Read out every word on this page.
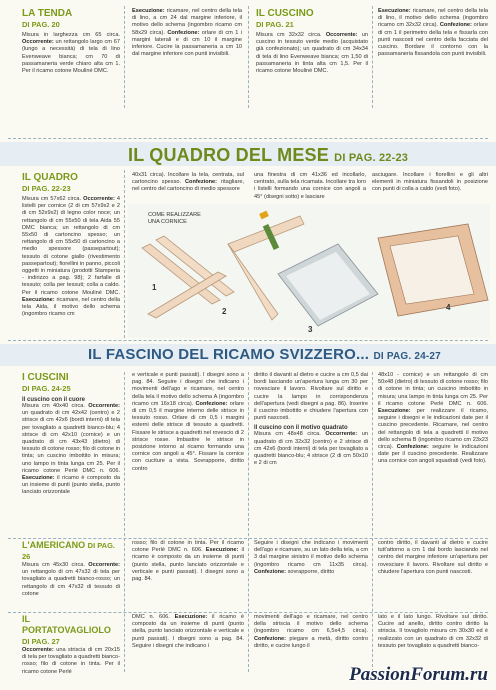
LA TENDA
DI PAG. 20
Misura in larghezza cm 65 circa. Occorrente: un rettangolo largo cm 67 (lungo a necessità) di tela di lino Evenweave bianca; cm 70 di passamaneria verde chiaro alta cm 1. Per il ricamo cotone Mouliné DMC.
Esecuzione: ricamare, nel centro della tela di lino, a cm 24 dal margine inferiore, il motivo dello schema (ingombro ricamo cm 58x29 circa). Confezione: orlare di cm 1 i margini laterali e di cm 10 il margine inferiore. Cucire la passamaneria a cm 10 dal margine inferiore con punti invisibili.
IL CUSCINO
DI PAG. 21
Misura cm 32x32 circa. Occorrente: un cuscino in tessuto verde medio (acquistato già confezionato); un quadrato di cm 34x34 di tela di lino Evenweave bianca; cm 1,50 di passamaneria in tinta alta cm 1,5. Per il ricamo cotone Mouliné DMC.
Esecuzione: ricamare, nel centro della tela di lino, il motivo dello schema (ingombro ricamo cm 32x32 circa). Confezione: orlare di cm 1 il perimetro della tela e fissarla con punti nascosti nel centro della facciata del cuscino. Bordare il contorno con la passamaneria fissandola con punti invisibili.
IL QUADRO DEL MESE DI PAG. 22-23
IL QUADRO
DI PAG. 22-23
Misura cm 57x62 circa. Occorrente: 4 listelli per cornice (2 di cm 57x9x2 e 2 di cm 52x9x2) di legno color noce; un rettangolo di cm 55x50 di tela Aida 55 DMC bianca; un rettangolo di cm 55x50 di cartoncino spesso; un rettangolo di cm 55x50 di cartoncino a medio spessore (passepartout); tessuto di cotone giallo (rivestimento passepartout); fiorellini in panno, piccoli oggetti in miniatura (prodotti Stamperia - indirizzo a pag. 98); 2 farfalle di tessuto; colla per tessuti; colla a caldo. Per il ricamo cotone Mouliné DMC. Esecuzione: ricamare, nel centro della tela Aida, il motivo dello schema (ingombro ricamo cm
40x31 circa). Incollare la tela, centrata, sul cartoncino spesso. Confezione: ritagliare, nel centro del cartoncino di medio spessore
una finestra di cm 41x36 ed incollarlo, centrato, sulla tela ricamata. Incollare tra loro i listelli formando una cornice con angoli a 45° (disegni sotto) e lasciare
asciugare. Incollare i fiorellini e gli altri elementi in miniatura fissandoli in posizione con punti di colla a caldo (vedi foto).
COME REALIZZARE UNA CORNICE
1
2
3
4
IL FASCINO DEL RICAMO SVIZZERO... DI PAG. 24-27
I CUSCINI
DI PAG. 24-25
Il cuscino con il cuore
Misura cm 40x40 circa. Occorrente: un quadrato di cm 42x42 (centro) e 2 strisce di cm 42x6 (bordi interni) di tela per tovagliato a quadretti bianco-blu; 4 strisce di cm 42x10 (cornice) e un quadrato di cm 43x43 (dietro) di tessuto di cotone rosso; filo di cotone in tinta; un cuscino imbottito in misura; uno lampo in tinta lunga cm 25. Per il ricamo cotone Perlé DMC n. 606. Esecuzione: il ricamo è composto da un insieme di punti (punto stella, punto lanciato orizzontale
e verticale e punti passati). I disegni sono a pag. 84. Seguire i disegni che indicano i movimenti dell'ago e ricamare, nel centro della tela il motivo dello schema A (ingombro ricamo cm 16x18 circa). Confezione: orlare di cm 0,5 il margine interno delle strisce in tessuto rosso. Orlare di cm 0,5 i margini esterni delle strisce di tessuto a quadretti. Fissare le strisce a quadretti nel rovescio di 2 strisce rosse. Imbastire le strisce in posizione intorno al ricamo formando una cornice con angoli a 45°. Fissare la cornice con cuciture a vista. Sovrapporre, diritto contro
diritto il davanti al dietro e cucire a cm 0,5 dai bordi lasciando un'apertura lunga cm 30 per rovesciare il lavoro. Rivoltare sul diritto e cucire la lampo in corrispondenza dell'apertura (vedi disegni a pag. 86). Inserire il cuscino imbottito e chiudere l'apertura con punti nascosti.
Il cuscino con il motivo quadrato
Misura cm 48x48 circa. Occorrente: un quadrato di cm 32x32 (centro) e 2 strisce di cm 42x6 (bordi interni) di tela per tovagliato a quadretti bianco-blu; 4 strisce (2 di cm 50x10 e 2 di cm
48x10 - cornice) e un rettangolo di cm 50x48 (dietro) di tessuto di cotone rosso; filo di cotone in tinta; un cuscino imbottito in misura; una lampo in tinta lunga cm 25. Per il ricamo cotone Perlé DMC n. 606. Esecuzione: per realizzare il ricamo, seguire i disegni e le indicazioni date per il cuscino precedente. Ricamare, nel centro del rettangolo di tela a quadretti il motivo dello schema B (ingombro ricamo cm 23x23 circa). Confezione: seguire le indicazioni date per il cuscino precedente. Realizzare una cornice con angoli squadrati (vedi foto).
L'AMERICANO DI PAG. 26
Misura cm 45x30 circa. Occorrente: un rettangolo di cm 47x32 di tela per tovagliato a quadretti bianco-rosso; un rettangolo di cm 47x32 di tessuto di cotone
rosso; filo di cotone in tinta. Per il ricamo cotone Perlé DMC n. 606. Esecuzione: il ricamo è composto da un insieme di punti (punto stella, punto lanciato orizzontale e verticale e punti passati). I disegni sono a pag. 84.
Seguire i disegni che indicano i movimenti dell'ago e ricamare, su un lato della tela, a cm 3 dal margine sinistro il motivo dello schema (ingombro ricamo cm 11x35 circa). Confezione: sovrapporre, diritto
contro diritto, il davanti al dietro e cucire tutt'attorno a cm 1 dal bordo lasciando nel centro del margine inferiore un'apertura per rovesciare il lavoro. Rivoltare sul diritto e chiudere l'apertura con punti nascosti.
IL PORTATOVAGLIOLO
DI PAG. 27
Occorrente: una striscia di cm 20x15 di tela per tovagliato a quadretti bianco-rosso; filo di cotone in tinta. Per il ricamo cotone Perlé
DMC n. 606. Esecuzione: il ricamo è composto da un insieme di punti (punto stella, punto lanciato orizzontale e verticale e punti passati). I disegni sono a pag. 84. Seguire i disegni che indicano i
movimenti dell'ago e ricamare, nel centro della striscia il motivo dello schema (ingombro ricamo cm 6,5x4,5 circa). Confezione: piegare a metà, diritto contro diritto, e cucire lungo il
lato e il lato lungo. Rivoltare sul diritto. Cucire ad anello, diritto contro diritto la striscia. Il tovagliolo misura cm 30x30 ed è realizzato con un quadrato di cm 32x32 di tessuto per tovagliato a quadretti bianco-
PassionForum.ru
